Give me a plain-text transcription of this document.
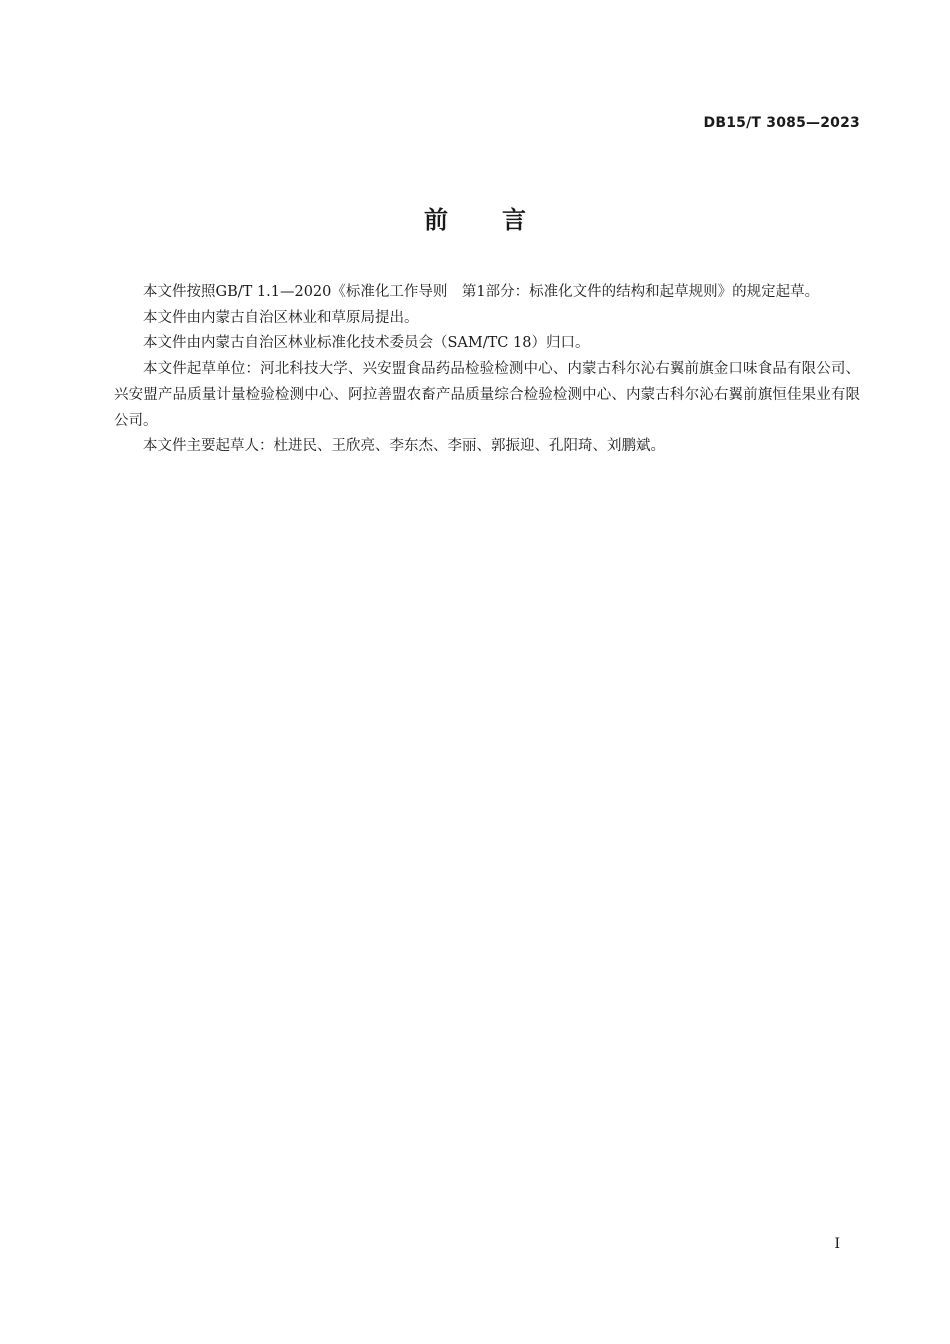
DB15/T 3085—2023
前 言

本文件按照GB/T 1.1—2020《标准化工作导则　第1部分：标准化文件的结构和起草规则》的规定起草。

本文件由内蒙古自治区林业和草原局提出。

本文件由内蒙古自治区林业标准化技术委员会（SAM/TC 18）归口。

本文件起草单位：河北科技大学、兴安盟食品药品检验检测中心、内蒙古科尔沁右翼前旗金口味食品有限公司、兴安盟产品质量计量检验检测中心、阿拉善盟农畜产品质量综合检验检测中心、内蒙古科尔沁右翼前旗恒佳果业有限公司。

本文件主要起草人：杜进民、王欣亮、李东杰、李丽、郭振迎、孔阳琦、刘鹏斌。

I
